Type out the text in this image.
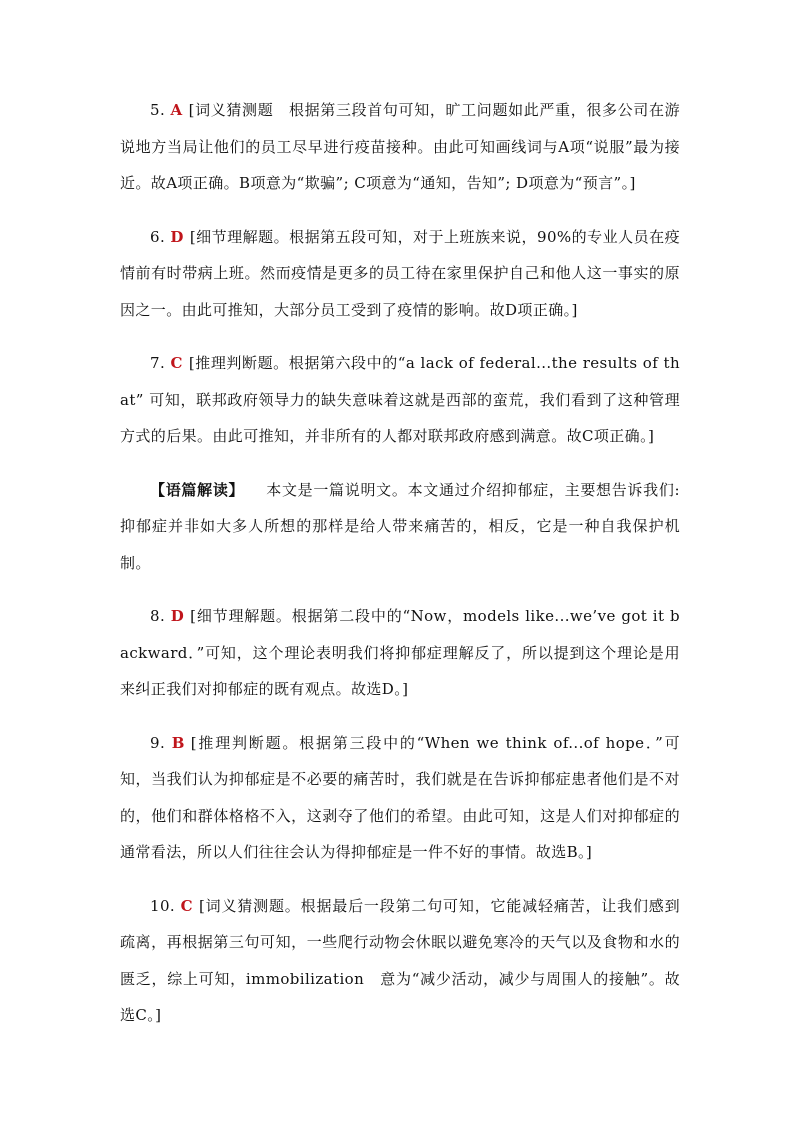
5. A [词义猜测题　根据第三段首句可知，旷工问题如此严重，很多公司在游说地方当局让他们的员工尽早进行疫苗接种。由此可知画线词与A项“说服”最为接近。故A项正确。B项意为“欺骗”; C项意为“通知，告知”; D项意为“预言”。]

6. D [细节理解题。根据第五段可知，对于上班族来说，90%的专业人员在疫情前有时带病上班。然而疫情是更多的员工待在家里保护自己和他人这一事实的原因之一。由此可推知，大部分员工受到了疫情的影响。故D项正确。]

7. C [推理判断题。根据第六段中的“a lack of federal...the results of that” 可知，联邦政府领导力的缺失意味着这就是西部的蛮荒，我们看到了这种管理方式的后果。由此可推知，并非所有的人都对联邦政府感到满意。故C项正确。]

【语篇解读】 本文是一篇说明文。本文通过介绍抑郁症，主要想告诉我们: 抑郁症并非如大多人所想的那样是给人带来痛苦的，相反，它是一种自我保护机制。

8. D [细节理解题。根据第二段中的“Now，models like...we’ve got it backward．”可知，这个理论表明我们将抑郁症理解反了，所以提到这个理论是用来纠正我们对抑郁症的既有观点。故选D。]

9. B [推理判断题。根据第三段中的“When we think of...of hope．”可知，当我们认为抑郁症是不必要的痛苦时，我们就是在告诉抑郁症患者他们是不对的，他们和群体格格不入，这剥夺了他们的希望。由此可知，这是人们对抑郁症的通常看法，所以人们往往会认为得抑郁症是一件不好的事情。故选B。]

10. C [词义猜测题。根据最后一段第二句可知，它能减轻痛苦，让我们感到疏离，再根据第三句可知，一些爬行动物会休眠以避免寒冷的天气以及食物和水的匮乏，综上可知，immobilization　意为“减少活动，减少与周围人的接触”。故选C。]
